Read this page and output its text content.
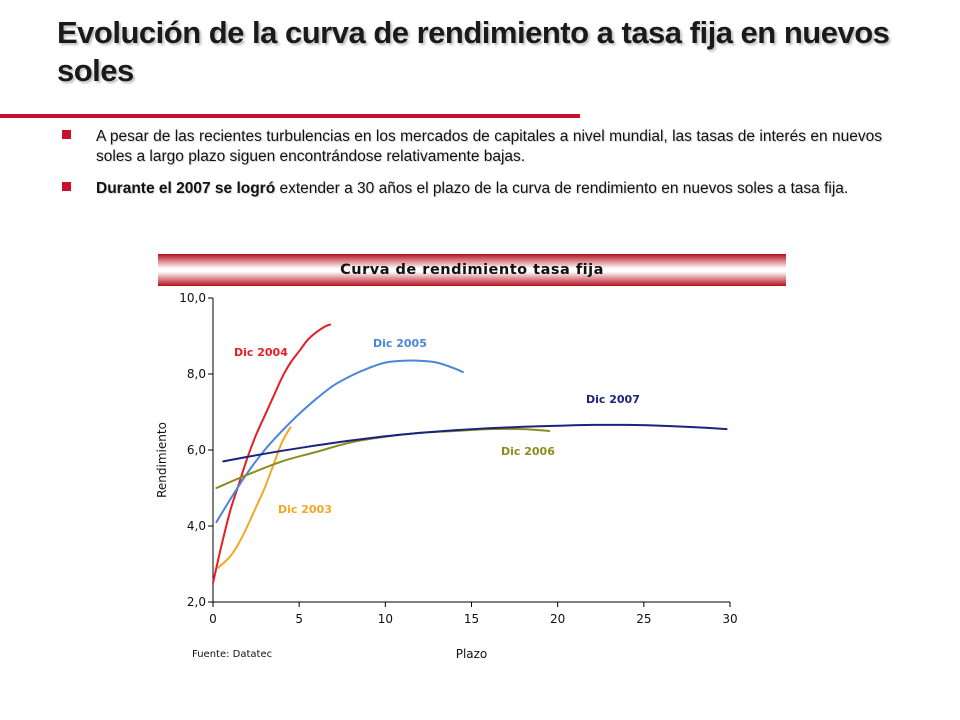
Evolución de la curva de rendimiento a tasa fija en nuevos soles
A pesar de las recientes turbulencias en los mercados de capitales a nivel mundial, las tasas de interés en nuevos soles a largo plazo siguen encontrándose relativamente bajas.
Durante el 2007 se logró extender a 30 años el plazo de la curva de rendimiento en nuevos soles a tasa fija.
Curva de rendimiento tasa fija
0	5	10	15	20	25	30
2,0
4,0
6,0
8,0
10,0
Plazo
Rendimiento
Dic 2003
Dic 2004
Dic 2005
Dic 2006
Dic 2007
Fuente: Datatec
